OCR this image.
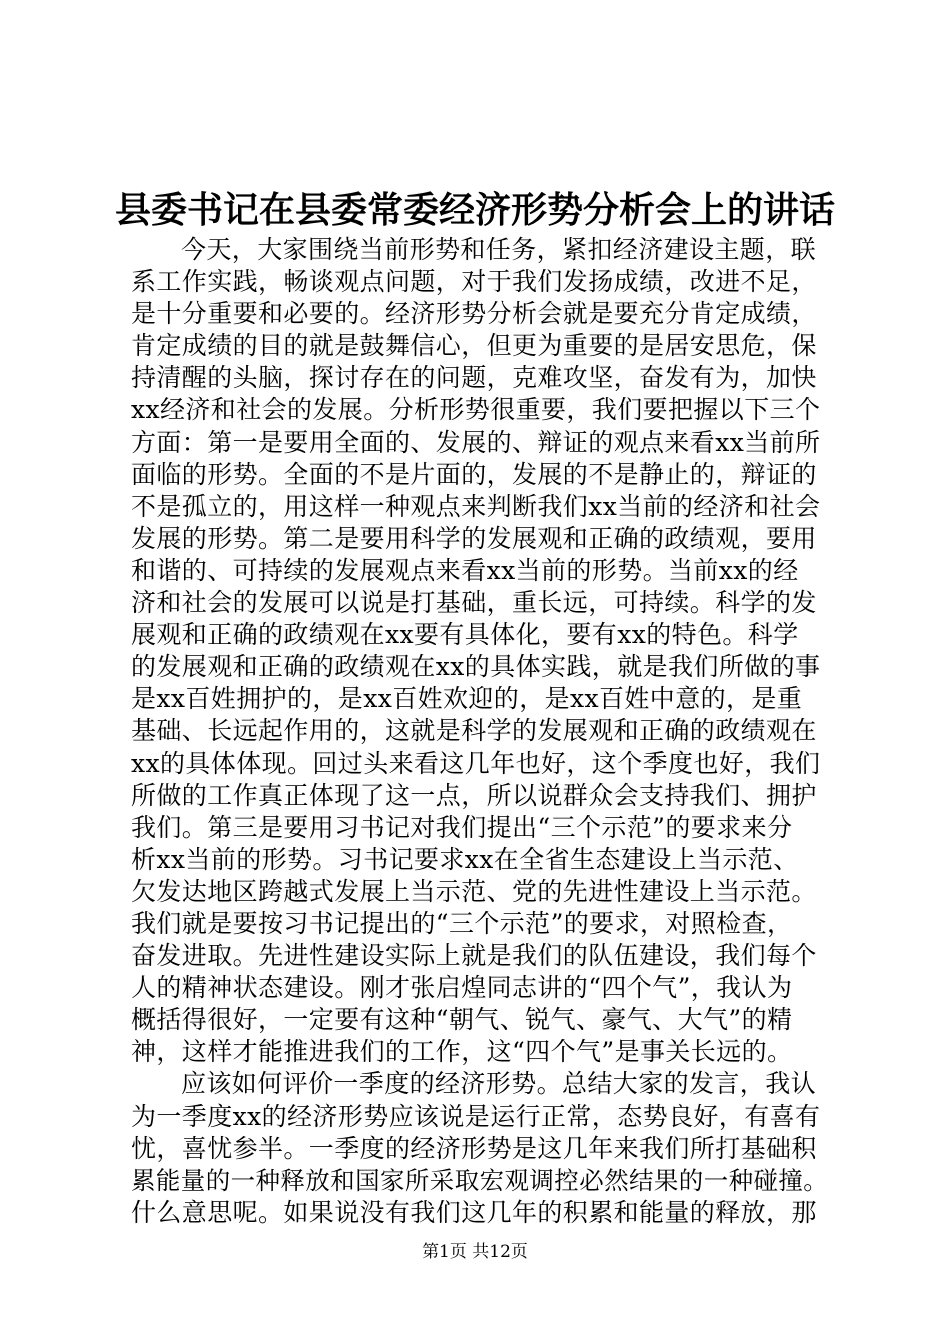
县委书记在县委常委经济形势分析会上的讲话
今天，大家围绕当前形势和任务，紧扣经济建设主题，联
系工作实践，畅谈观点问题，对于我们发扬成绩，改进不足，
是十分重要和必要的。经济形势分析会就是要充分肯定成绩，
肯定成绩的目的就是鼓舞信心，但更为重要的是居安思危，保
持清醒的头脑，探讨存在的问题，克难攻坚，奋发有为，加快
xx经济和社会的发展。分析形势很重要，我们要把握以下三个
方面：第一是要用全面的、发展的、辩证的观点来看xx当前所
面临的形势。全面的不是片面的，发展的不是静止的，辩证的
不是孤立的，用这样一种观点来判断我们xx当前的经济和社会
发展的形势。第二是要用科学的发展观和正确的政绩观，要用
和谐的、可持续的发展观点来看xx当前的形势。当前xx的经
济和社会的发展可以说是打基础，重长远，可持续。科学的发
展观和正确的政绩观在xx要有具体化，要有xx的特色。科学
的发展观和正确的政绩观在xx的具体实践，就是我们所做的事
是xx百姓拥护的，是xx百姓欢迎的，是xx百姓中意的，是重
基础、长远起作用的，这就是科学的发展观和正确的政绩观在
xx的具体体现。回过头来看这几年也好，这个季度也好，我们
所做的工作真正体现了这一点，所以说群众会支持我们、拥护
我们。第三是要用习书记对我们提出“三个示范”的要求来分
析xx当前的形势。习书记要求xx在全省生态建设上当示范、
欠发达地区跨越式发展上当示范、党的先进性建设上当示范。
我们就是要按习书记提出的“三个示范”的要求，对照检查，
奋发进取。先进性建设实际上就是我们的队伍建设，我们每个
人的精神状态建设。刚才张启煌同志讲的“四个气”，我认为
概括得很好，一定要有这种“朝气、锐气、豪气、大气”的精
神，这样才能推进我们的工作，这“四个气”是事关长远的。
应该如何评价一季度的经济形势。总结大家的发言，我认
为一季度xx的经济形势应该说是运行正常，态势良好，有喜有
忧，喜忧参半。一季度的经济形势是这几年来我们所打基础积
累能量的一种释放和国家所采取宏观调控必然结果的一种碰撞。
什么意思呢。如果说没有我们这几年的积累和能量的释放，那
第1页 共12页
